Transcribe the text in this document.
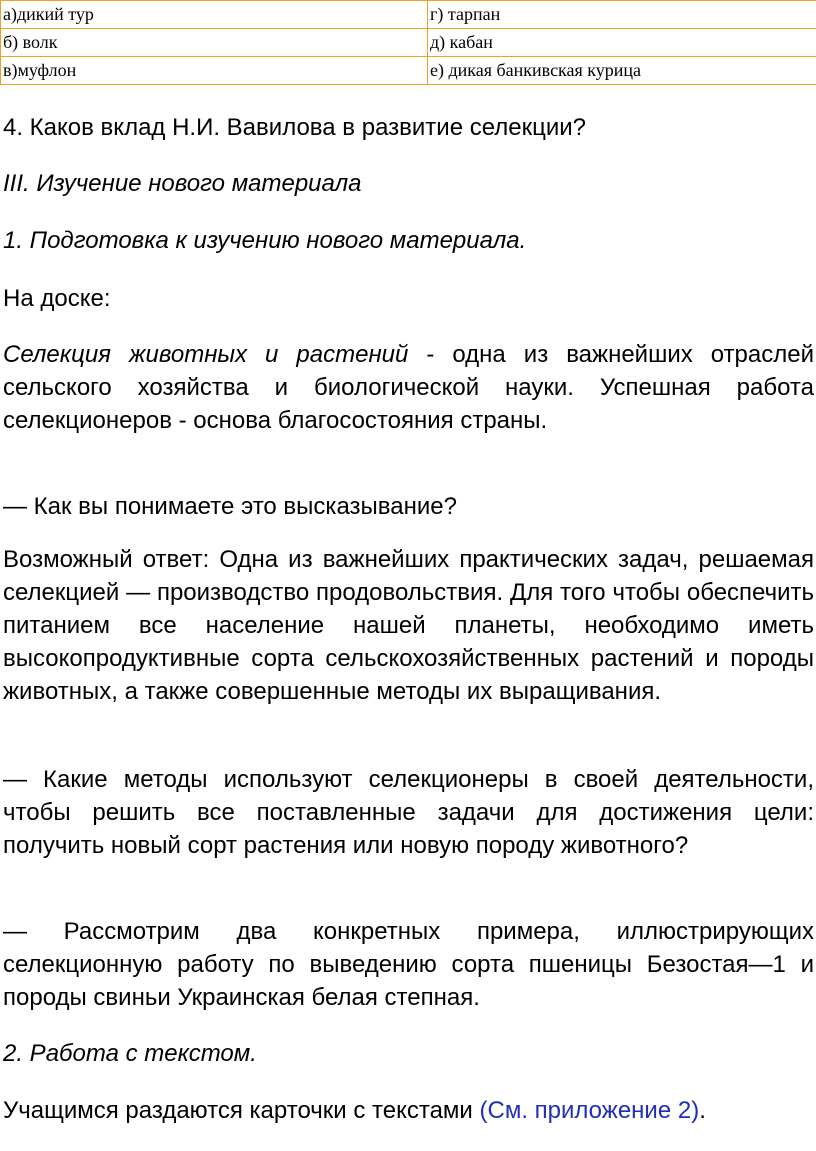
а)дикий тур	г) тарпан
б) волк	д) кабан
в)муфлон	е) дикая банкивская курица

4. Каков вклад Н.И. Вавилова в развитие селекции?

III. Изучение нового материала

1. Подготовка к изучению нового материала.

На доске:

Селекция животных и растений - одна из важнейших отраслей сельского хозяйства и биологической науки. Успешная работа селекционеров - основа благосостояния страны.

— Как вы понимаете это высказывание?

Возможный ответ: Одна из важнейших практических задач, решаемая селекцией — производство продовольствия. Для того чтобы обеспечить питанием все население нашей планеты, необходимо иметь высокопродуктивные сорта сельскохозяйственных растений и породы животных, а также совершенные методы их выращивания.

— Какие методы используют селекционеры в своей деятельности, чтобы решить все поставленные задачи для достижения цели: получить новый сорт растения или новую породу животного?

— Рассмотрим два конкретных примера, иллюстрирующих селекционную работу по выведению сорта пшеницы Безостая—1 и породы свиньи Украинская белая степная.

2. Работа с текстом.

Учащимся раздаются карточки с текстами (См. приложение 2).
